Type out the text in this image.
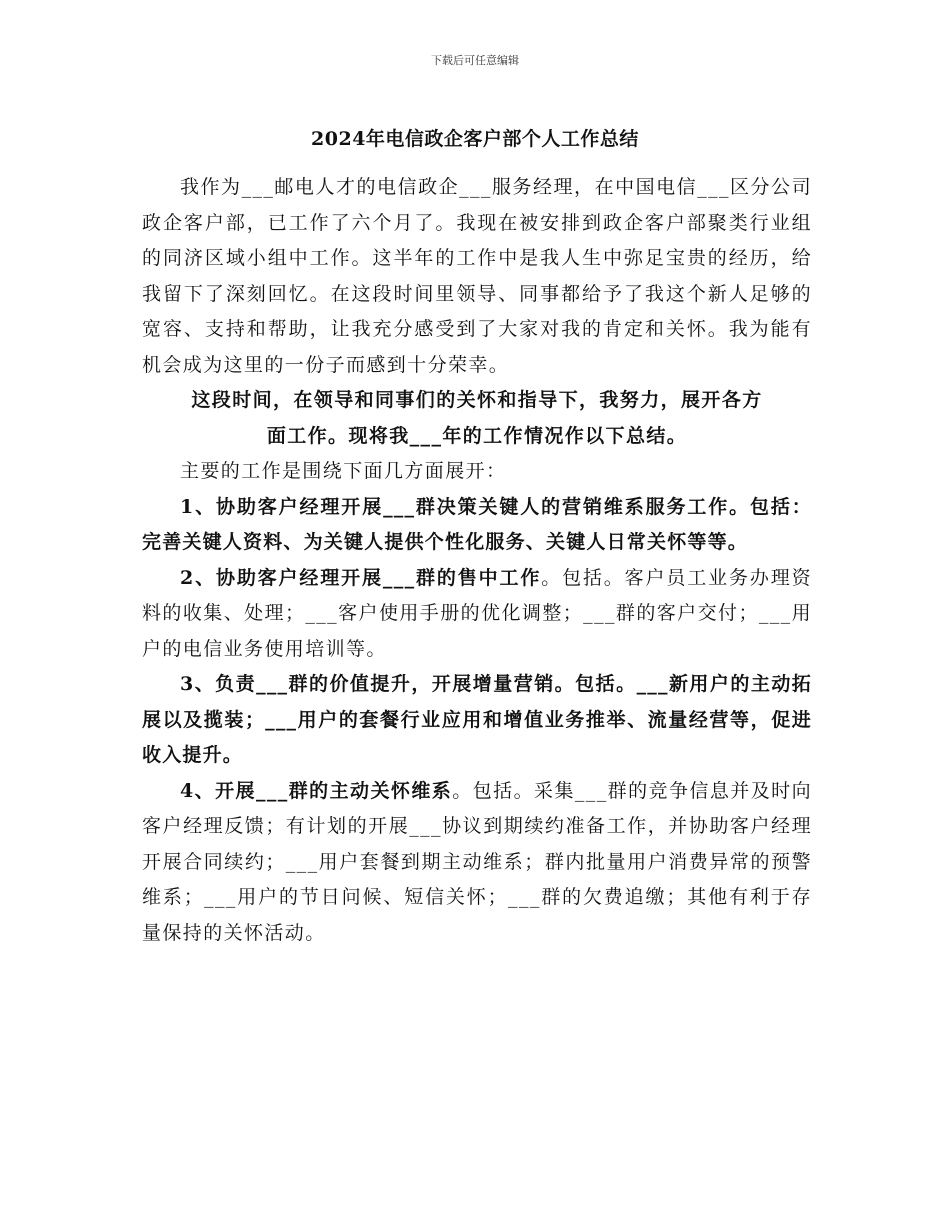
下载后可任意编辑
2024年电信政企客户部个人工作总结

我作为___邮电人才的电信政企___服务经理，在中国电信___区分公司政企客户部，已工作了六个月了。我现在被安排到政企客户部聚类行业组的同济区域小组中工作。这半年的工作中是我人生中弥足宝贵的经历，给我留下了深刻回忆。在这段时间里领导、同事都给予了我这个新人足够的宽容、支持和帮助，让我充分感受到了大家对我的肯定和关怀。我为能有机会成为这里的一份子而感到十分荣幸。

这段时间，在领导和同事们的关怀和指导下，我努力，展开各方

面工作。现将我___年的工作情况作以下总结。

主要的工作是围绕下面几方面展开：

1、协助客户经理开展___群决策关键人的营销维系服务工作。包括：完善关键人资料、为关键人提供个性化服务、关键人日常关怀等等。

2、协助客户经理开展___群的售中工作。包括。客户员工业务办理资料的收集、处理；___客户使用手册的优化调整；___群的客户交付；___用户的电信业务使用培训等。

3、负责___群的价值提升，开展增量营销。包括。___新用户的主动拓展以及揽装；___用户的套餐行业应用和增值业务推举、流量经营等，促进收入提升。

4、开展___群的主动关怀维系。包括。采集___群的竞争信息并及时向客户经理反馈；有计划的开展___协议到期续约准备工作，并协助客户经理开展合同续约；___用户套餐到期主动维系；群内批量用户消费异常的预警维系；___用户的节日问候、短信关怀；___群的欠费追缴；其他有利于存量保持的关怀活动。
